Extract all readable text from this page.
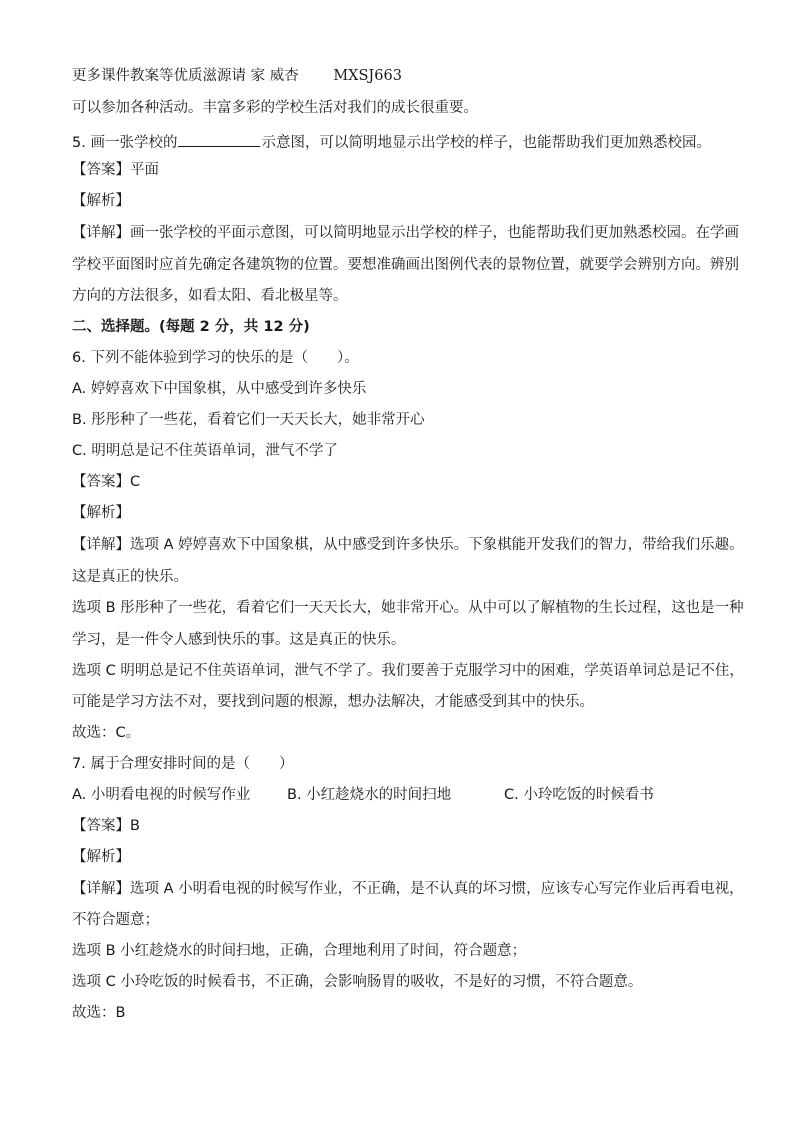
更多课件教案等优质滋源请 家 威杏 MXSJ663
可以参加各种活动。丰富多彩的学校生活对我们的成长很重要。
5. 画一张学校的	示意图，可以简明地显示出学校的样子，也能帮助我们更加熟悉校园。
【答案】平面
【解析】
【详解】画一张学校的平面示意图，可以简明地显示出学校的样子，也能帮助我们更加熟悉校园。在学画
学校平面图时应首先确定各建筑物的位置。要想准确画出图例代表的景物位置，就要学会辨别方向。辨别
方向的方法很多，如看太阳、看北极星等。
二、选择题。(每题 2 分，共 12 分)
6. 下列不能体验到学习的快乐的是（　　）。
A. 婷婷喜欢下中国象棋，从中感受到许多快乐
B. 彤彤种了一些花，看着它们一天天长大，她非常开心
C. 明明总是记不住英语单词，泄气不学了
【答案】C
【解析】
【详解】选项 A 婷婷喜欢下中国象棋，从中感受到许多快乐。下象棋能开发我们的智力，带给我们乐趣。
这是真正的快乐。
选项 B 彤彤种了一些花，看着它们一天天长大，她非常开心。从中可以了解植物的生长过程，这也是一种
学习，是一件令人感到快乐的事。这是真正的快乐。
选项 C 明明总是记不住英语单词，泄气不学了。我们要善于克服学习中的困难，学英语单词总是记不住，
可能是学习方法不对，要找到问题的根源，想办法解决，才能感受到其中的快乐。
故选：C。
7. 属于合理安排时间的是（　　）
A. 小明看电视的时候写作业	B. 小红趁烧水的时间扫地	C. 小玲吃饭的时候看书
【答案】B
【解析】
【详解】选项 A 小明看电视的时候写作业，不正确，是不认真的坏习惯，应该专心写完作业后再看电视，
不符合题意；
选项 B 小红趁烧水的时间扫地，正确，合理地利用了时间，符合题意；
选项 C 小玲吃饭的时候看书，不正确，会影响肠胃的吸收，不是好的习惯，不符合题意。
故选：B
